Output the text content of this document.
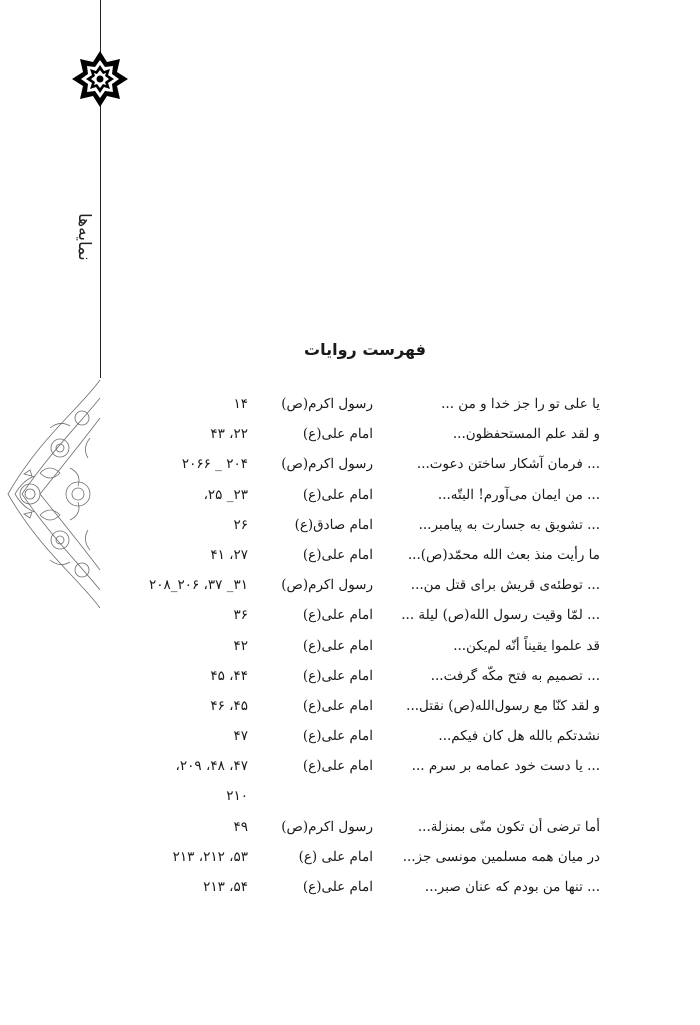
نمایه‌ها
فهرست روایات
یا علی تو را جز خدا و من ...
رسول اکرم(ص)
۱۴
و لقد علم المستحفظون...
امام علی(ع)
۲۲، ۴۳
... فرمان آشکار ساختن دعوت...
رسول اکرم(ص)
۲۰۴ _ ۲۰۶۶
... من ایمان می‌آورم! البتّه...
امام علی(ع)
۲۳_ ۲۵،
... تشویق به جسارت به پیامبر...
امام صادق(ع)
۲۶
ما رأیت منذ بعث الله محمّد(ص)...
امام علی(ع)
۲۷، ۴۱
... توطئه‌ی قریش برای قتل من...
رسول اکرم(ص)
۳۱_ ۳۷، ۲۰۶_۲۰۸
... لمّا وقیت رسول الله(ص) لیلة ...
امام علی(ع)
۳۶
قد علموا یقیناً أنّه لم‌یکن...
امام علی(ع)
۴۲
... تصمیم به فتح مکّه گرفت...
امام علی(ع)
۴۴، ۴۵
و لقد کنّا مع رسول‌الله(ص) نقتل...
امام علی(ع)
۴۵، ۴۶
نشدتکم بالله هل کان فیکم...
امام علی(ع)
۴۷
... یا دست خود عمامه بر سرم ...
امام علی(ع)
۴۷، ۴۸، ۲۰۹،
۲۱۰
أما ترضی أن تکون منّی بمنزلة...
رسول اکرم(ص)
۴۹
در میان همه مسلمین مونسی جز...
امام علی (ع)
۵۳، ۲۱۲، ۲۱۳
... تنها من بودم که عنان صبر...
امام علی(ع)
۵۴، ۲۱۳
